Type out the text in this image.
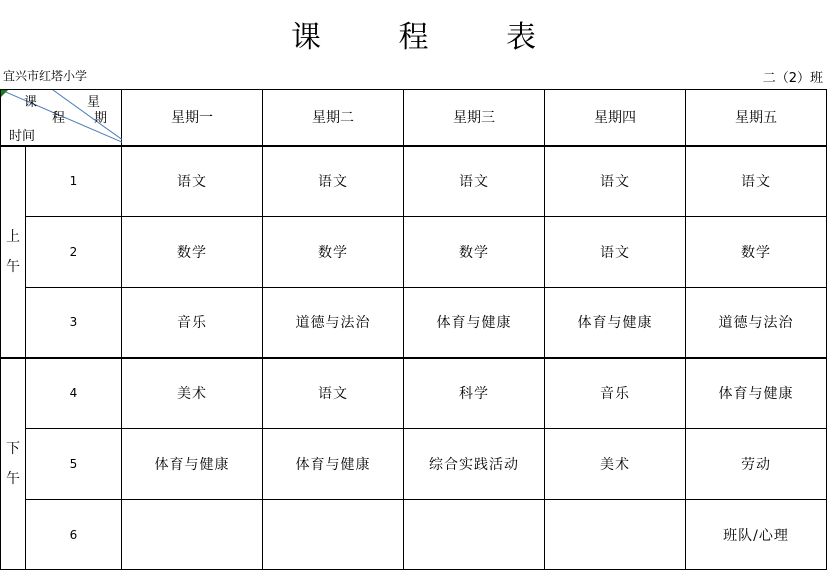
课	程	表
宜兴市红塔小学	二（2）班
课
程
星
期
时间		星期一	星期二	星期三	星期四	星期五

上
午	1	语文	语文	语文	语文	语文
	2	数学	数学	数学	语文	数学
	3	音乐	道德与法治	体育与健康	体育与健康	道德与法治

下
午	4	美术	语文	科学	音乐	体育与健康
	5	体育与健康	体育与健康	综合实践活动	美术	劳动
	6					班队/心理
